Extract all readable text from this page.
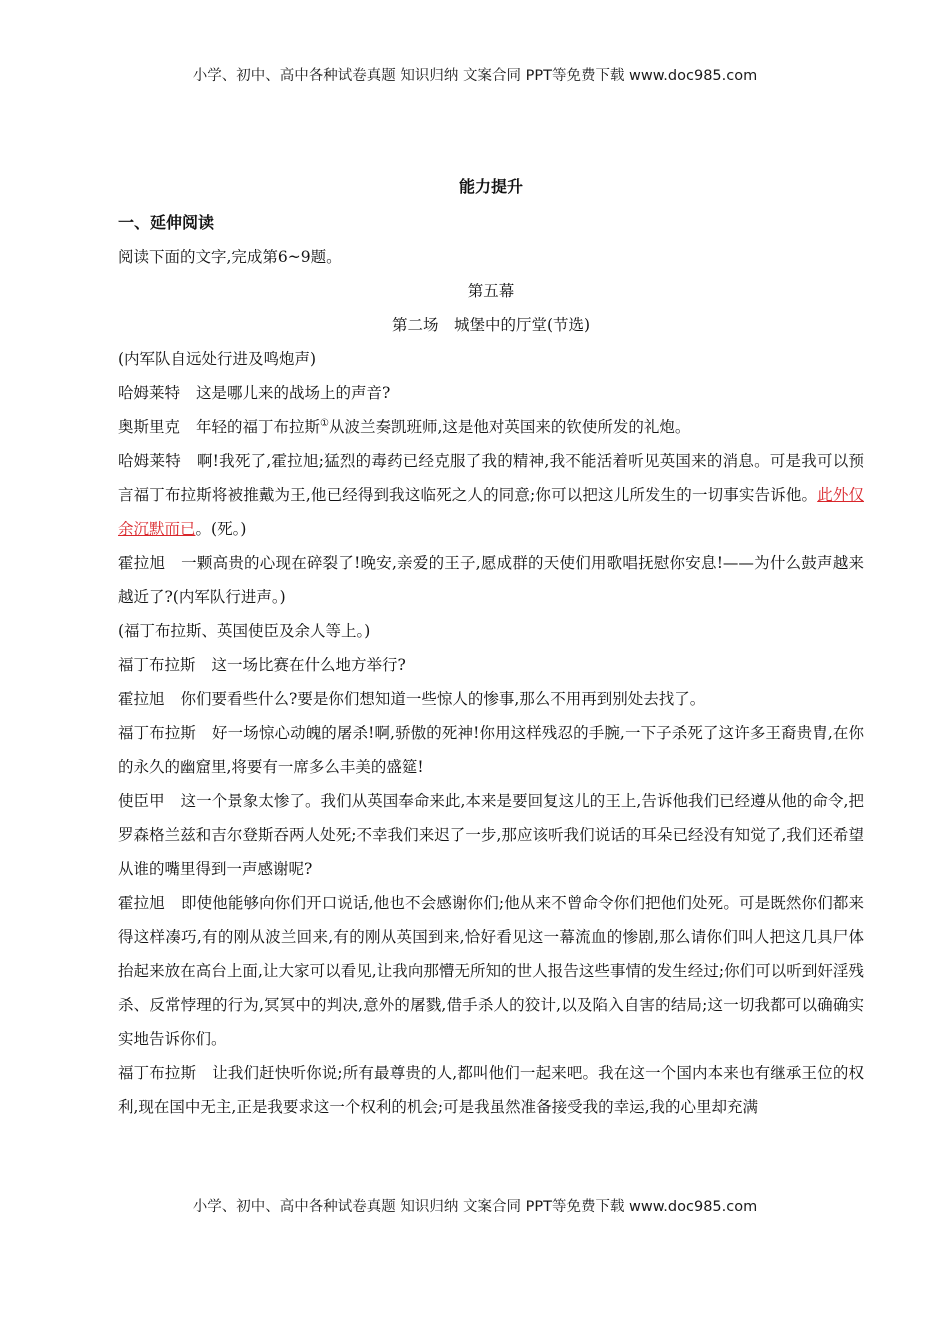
小学、初中、高中各种试卷真题 知识归纳 文案合同 PPT等免费下载 www.doc985.com
能力提升
一、延伸阅读
阅读下面的文字,完成第6~9题。
第五幕
第二场　城堡中的厅堂(节选)
(内军队自远处行进及鸣炮声)

哈姆莱特 这是哪儿来的战场上的声音?

奥斯里克 年轻的福丁布拉斯①从波兰奏凯班师,这是他对英国来的钦使所发的礼炮。

哈姆莱特 啊!我死了,霍拉旭;猛烈的毒药已经克服了我的精神,我不能活着听见英国来的消息。可是我可以预言福丁布拉斯将被推戴为王,他已经得到我这临死之人的同意;你可以把这儿所发生的一切事实告诉他。此外仅余沉默而已。(死。)

霍拉旭 一颗高贵的心现在碎裂了!晚安,亲爱的王子,愿成群的天使们用歌唱抚慰你安息!——为什么鼓声越来越近了?(内军队行进声。)

(福丁布拉斯、英国使臣及余人等上。)

福丁布拉斯 这一场比赛在什么地方举行?

霍拉旭 你们要看些什么?要是你们想知道一些惊人的惨事,那么不用再到别处去找了。

福丁布拉斯 好一场惊心动魄的屠杀!啊,骄傲的死神!你用这样残忍的手腕,一下子杀死了这许多王裔贵胄,在你的永久的幽窟里,将要有一席多么丰美的盛筵!

使臣甲 这一个景象太惨了。我们从英国奉命来此,本来是要回复这儿的王上,告诉他我们已经遵从他的命令,把罗森格兰兹和吉尔登斯吞两人处死;不幸我们来迟了一步,那应该听我们说话的耳朵已经没有知觉了,我们还希望从谁的嘴里得到一声感谢呢?

霍拉旭 即使他能够向你们开口说话,他也不会感谢你们;他从来不曾命令你们把他们处死。可是既然你们都来得这样凑巧,有的刚从波兰回来,有的刚从英国到来,恰好看见这一幕流血的惨剧,那么请你们叫人把这几具尸体抬起来放在高台上面,让大家可以看见,让我向那懵无所知的世人报告这些事情的发生经过;你们可以听到奸淫残杀、反常悖理的行为,冥冥中的判决,意外的屠戮,借手杀人的狡计,以及陷入自害的结局;这一切我都可以确确实实地告诉你们。

福丁布拉斯 让我们赶快听你说;所有最尊贵的人,都叫他们一起来吧。我在这一个国内本来也有继承王位的权利,现在国中无主,正是我要求这一个权利的机会;可是我虽然准备接受我的幸运,我的心里却充满

小学、初中、高中各种试卷真题 知识归纳 文案合同 PPT等免费下载 www.doc985.com
